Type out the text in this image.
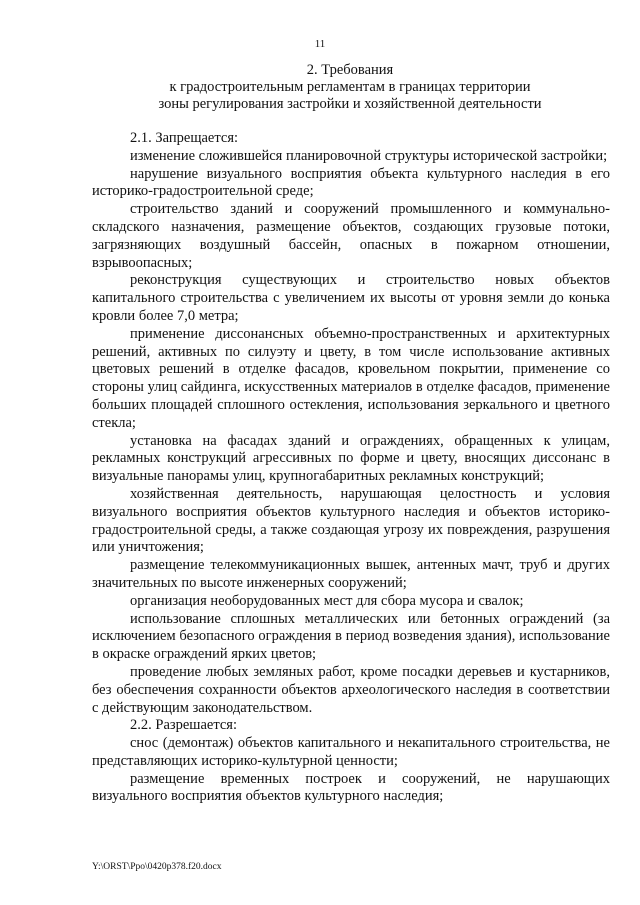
11
2. Требования
к градостроительным регламентам в границах территории
зоны регулирования застройки и хозяйственной деятельности

2.1. Запрещается:

изменение сложившейся планировочной структуры исторической застройки;

нарушение визуального восприятия объекта культурного наследия в его историко-градостроительной среде;

строительство зданий и сооружений промышленного и коммунально-складского назначения, размещение объектов, создающих грузовые потоки, загрязняющих воздушный бассейн, опасных в пожарном отношении, взрывоопасных;

реконструкция существующих и строительство новых объектов капитального строительства с увеличением их высоты от уровня земли до конька кровли более 7,0 метра;

применение диссонансных объемно-пространственных и архитектурных решений, активных по силуэту и цвету, в том числе использование активных цветовых решений в отделке фасадов, кровельном покрытии, применение со стороны улиц сайдинга, искусственных материалов в отделке фасадов, применение больших площадей сплошного остекления, использования зеркального и цветного стекла;

установка на фасадах зданий и ограждениях, обращенных к улицам, рекламных конструкций агрессивных по форме и цвету, вносящих диссонанс в визуальные панорамы улиц, крупногабаритных рекламных конструкций;

хозяйственная деятельность, нарушающая целостность и условия визуального восприятия объектов культурного наследия и объектов историко-градостроительной среды, а также создающая угрозу их повреждения, разрушения или уничтожения;

размещение телекоммуникационных вышек, антенных мачт, труб и других значительных по высоте инженерных сооружений;

организация необорудованных мест для сбора мусора и свалок;

использование сплошных металлических или бетонных ограждений (за исключением безопасного ограждения в период возведения здания), использование в окраске ограждений ярких цветов;

проведение любых земляных работ, кроме посадки деревьев и кустарников, без обеспечения сохранности объектов археологического наследия в соответствии с действующим законодательством.

2.2. Разрешается:

снос (демонтаж) объектов капитального и некапитального строительства, не представляющих историко-культурной ценности;

размещение временных построек и сооружений, не нарушающих визуального восприятия объектов культурного наследия;

Y:\ORST\Ppo\0420p378.f20.docx
